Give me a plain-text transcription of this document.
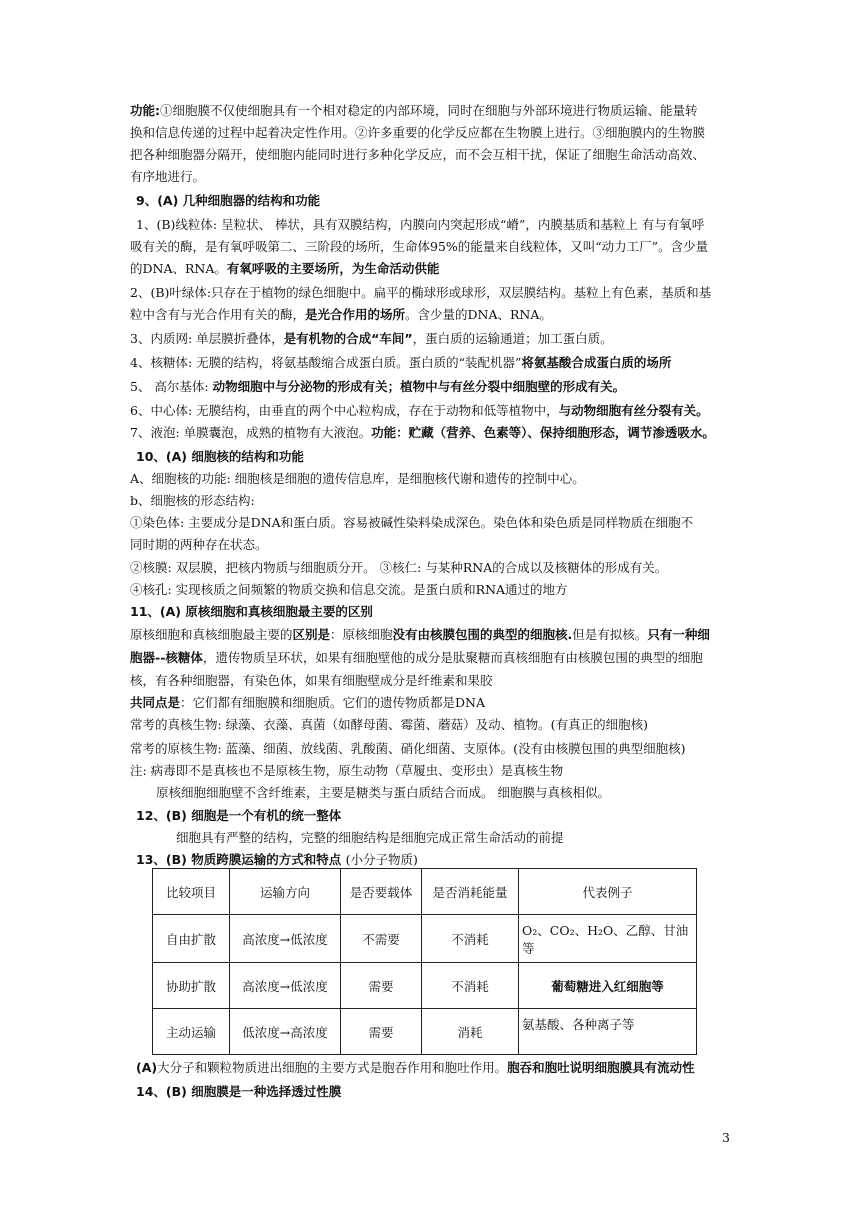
功能:①细胞膜不仅使细胞具有一个相对稳定的内部环境，同时在细胞与外部环境进行物质运输、能量转
换和信息传递的过程中起着决定性作用。②许多重要的化学反应都在生物膜上进行。③细胞膜内的生物膜
把各种细胞器分隔开，使细胞内能同时进行多种化学反应，而不会互相干扰，保证了细胞生命活动高效、
有序地进行。
9、(A) 几种细胞器的结构和功能
1、(B)线粒体: 呈粒状、 棒状，具有双膜结构，内膜向内突起形成“嵴”，内膜基质和基粒上 有与有氧呼
吸有关的酶，是有氧呼吸第二、三阶段的场所，生命体95%的能量来自线粒体，又叫“动力工厂”。含少量
的DNA、RNA。有氧呼吸的主要场所，为生命活动供能
2、(B)叶绿体:只存在于植物的绿色细胞中。扁平的椭球形或球形，双层膜结构。基粒上有色素，基质和基
粒中含有与光合作用有关的酶，是光合作用的场所。含少量的DNA、RNA。
3、内质网: 单层膜折叠体，是有机物的合成“车间”，蛋白质的运输通道；加工蛋白质。
4、核糖体: 无膜的结构，将氨基酸缩合成蛋白质。蛋白质的“装配机器”将氨基酸合成蛋白质的场所
5、 高尔基体: 动物细胞中与分泌物的形成有关；植物中与有丝分裂中细胞壁的形成有关。
6、中心体: 无膜结构，由垂直的两个中心粒构成，存在于动物和低等植物中，与动物细胞有丝分裂有关。
7、液泡: 单膜囊泡，成熟的植物有大液泡。功能：贮藏（营养、色素等）、保持细胞形态，调节渗透吸水。
10、(A) 细胞核的结构和功能
A、细胞核的功能: 细胞核是细胞的遗传信息库，是细胞核代谢和遗传的控制中心。
b、细胞核的形态结构:
①染色体: 主要成分是DNA和蛋白质。容易被碱性染料染成深色。染色体和染色质是同样物质在细胞不
同时期的两种存在状态。
②核膜: 双层膜，把核内物质与细胞质分开。 ③核仁: 与某种RNA的合成以及核糖体的形成有关。
④核孔: 实现核质之间频繁的物质交换和信息交流。是蛋白质和RNA通过的地方
11、(A) 原核细胞和真核细胞最主要的区别
原核细胞和真核细胞最主要的区别是：原核细胞没有由核膜包围的典型的细胞核.但是有拟核。只有一种细
胞器--核糖体，遗传物质呈环状，如果有细胞壁他的成分是肽聚糖而真核细胞有由核膜包围的典型的细胞
核，有各种细胞器，有染色体，如果有细胞壁成分是纤维素和果胶
共同点是：它们都有细胞膜和细胞质。它们的遗传物质都是DNA
常考的真核生物: 绿藻、衣藻、真菌（如酵母菌、霉菌、蘑菇）及动、植物。(有真正的细胞核)
常考的原核生物: 蓝藻、细菌、放线菌、乳酸菌、硝化细菌、支原体。(没有由核膜包围的典型细胞核)
注: 病毒即不是真核也不是原核生物，原生动物（草履虫、变形虫）是真核生物
原核细胞细胞壁不含纤维素，主要是糖类与蛋白质结合而成。 细胞膜与真核相似。
12、(B) 细胞是一个有机的统一整体
细胞具有严整的结构，完整的细胞结构是细胞完成正常生命活动的前提
13、(B) 物质跨膜运输的方式和特点 (小分子物质)
比较项目	运输方向	是否要载体	是否消耗能量	代表例子
自由扩散	高浓度→低浓度	不需要	不消耗	O₂、CO₂、H₂O、乙醇、甘油等
协助扩散	高浓度→低浓度	需要	不消耗	葡萄糖进入红细胞等
主动运输	低浓度→高浓度	需要	消耗	氨基酸、各种离子等
(A)大分子和颗粒物质进出细胞的主要方式是胞吞作用和胞吐作用。胞吞和胞吐说明细胞膜具有流动性
14、(B) 细胞膜是一种选择透过性膜
3
